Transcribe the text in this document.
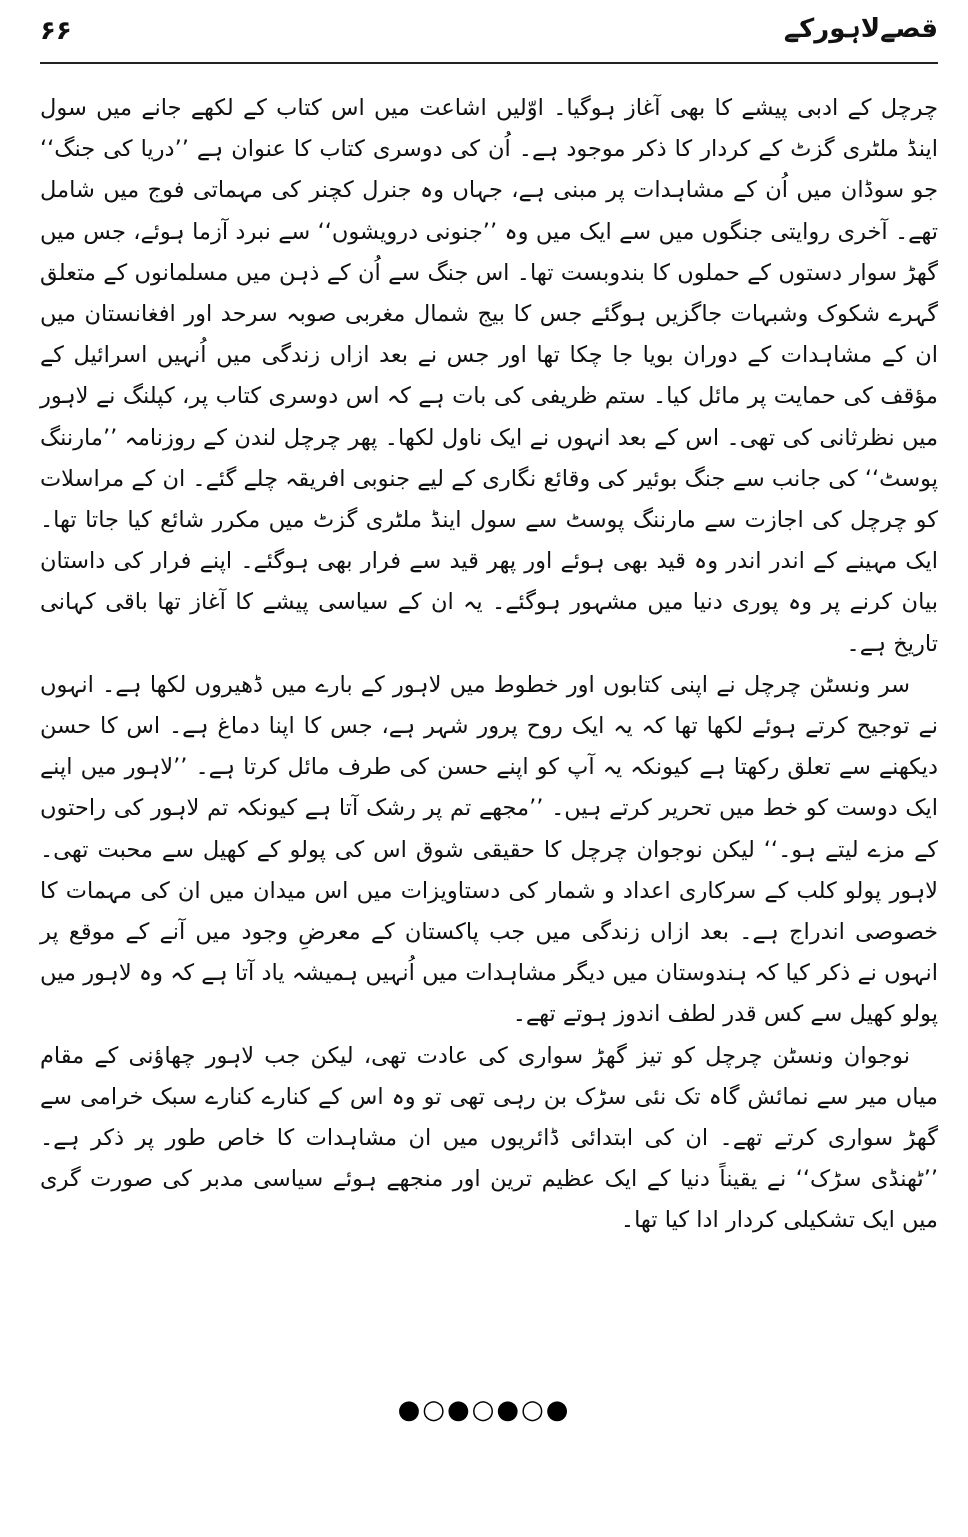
۶۶	قصےلاہورکے

چرچل کے ادبی پیشے کا بھی آغاز ہوگیا۔ اوّلیں اشاعت میں اس کتاب کے لکھے جانے میں سول اینڈ ملٹری گزٹ کے کردار کا ذکر موجود ہے۔ اُن کی دوسری کتاب کا عنوان ہے ’’دریا کی جنگ‘‘ جو سوڈان میں اُن کے مشاہدات پر مبنی ہے، جہاں وہ جنرل کچنر کی مہماتی فوج میں شامل تھے۔ آخری روایتی جنگوں میں سے ایک میں وہ ’’جنونی درویشوں‘‘ سے نبرد آزما ہوئے، جس میں گھڑ سوار دستوں کے حملوں کا بندوبست تھا۔ اس جنگ سے اُن کے ذہن میں مسلمانوں کے متعلق گہرے شکوک وشبہات جاگزیں ہوگئے جس کا بیج شمال مغربی صوبہ سرحد اور افغانستان میں ان کے مشاہدات کے دوران بویا جا چکا تھا اور جس نے بعد ازاں زندگی میں اُنہیں اسرائیل کے مؤقف کی حمایت پر مائل کیا۔ ستم ظریفی کی بات ہے کہ اس دوسری کتاب پر، کپلنگ نے لاہور میں نظرثانی کی تھی۔ اس کے بعد انہوں نے ایک ناول لکھا۔ پھر چرچل لندن کے روزنامہ ’’مارننگ پوسٹ‘‘ کی جانب سے جنگ بوئیر کی وقائع نگاری کے لیے جنوبی افریقہ چلے گئے۔ ان کے مراسلات کو چرچل کی اجازت سے مارننگ پوسٹ سے سول اینڈ ملٹری گزٹ میں مکرر شائع کیا جاتا تھا۔ ایک مہینے کے اندر اندر وہ قید بھی ہوئے اور پھر قید سے فرار بھی ہوگئے۔ اپنے فرار کی داستان بیان کرنے پر وہ پوری دنیا میں مشہور ہوگئے۔ یہ ان کے سیاسی پیشے کا آغاز تھا باقی کہانی تاریخ ہے۔

سر ونسٹن چرچل نے اپنی کتابوں اور خطوط میں لاہور کے بارے میں ڈھیروں لکھا ہے۔ انہوں نے توجیح کرتے ہوئے لکھا تھا کہ یہ ایک روح پرور شہر ہے، جس کا اپنا دماغ ہے۔ اس کا حسن دیکھنے سے تعلق رکھتا ہے کیونکہ یہ آپ کو اپنے حسن کی طرف مائل کرتا ہے۔ ’’لاہور میں اپنے ایک دوست کو خط میں تحریر کرتے ہیں۔ ’’مجھے تم پر رشک آتا ہے کیونکہ تم لاہور کی راحتوں کے مزے لیتے ہو۔‘‘ لیکن نوجوان چرچل کا حقیقی شوق اس کی پولو کے کھیل سے محبت تھی۔ لاہور پولو کلب کے سرکاری اعداد و شمار کی دستاویزات میں اس میدان میں ان کی مہمات کا خصوصی اندراج ہے۔ بعد ازاں زندگی میں جب پاکستان کے معرضِ وجود میں آنے کے موقع پر انہوں نے ذکر کیا کہ ہندوستان میں دیگر مشاہدات میں اُنہیں ہمیشہ یاد آتا ہے کہ وہ لاہور میں پولو کھیل سے کس قدر لطف اندوز ہوتے تھے۔

نوجوان ونسٹن چرچل کو تیز گھڑ سواری کی عادت تھی، لیکن جب لاہور چھاؤنی کے مقام میاں میر سے نمائش گاہ تک نئی سڑک بن رہی تھی تو وہ اس کے کنارے کنارے سبک خرامی سے گھڑ سواری کرتے تھے۔ ان کی ابتدائی ڈائریوں میں ان مشاہدات کا خاص طور پر ذکر ہے۔ ’’ٹھنڈی سڑک‘‘ نے یقیناً دنیا کے ایک عظیم ترین اور منجھے ہوئے سیاسی مدبر کی صورت گری میں ایک تشکیلی کردار ادا کیا تھا۔

●○●○●○●
